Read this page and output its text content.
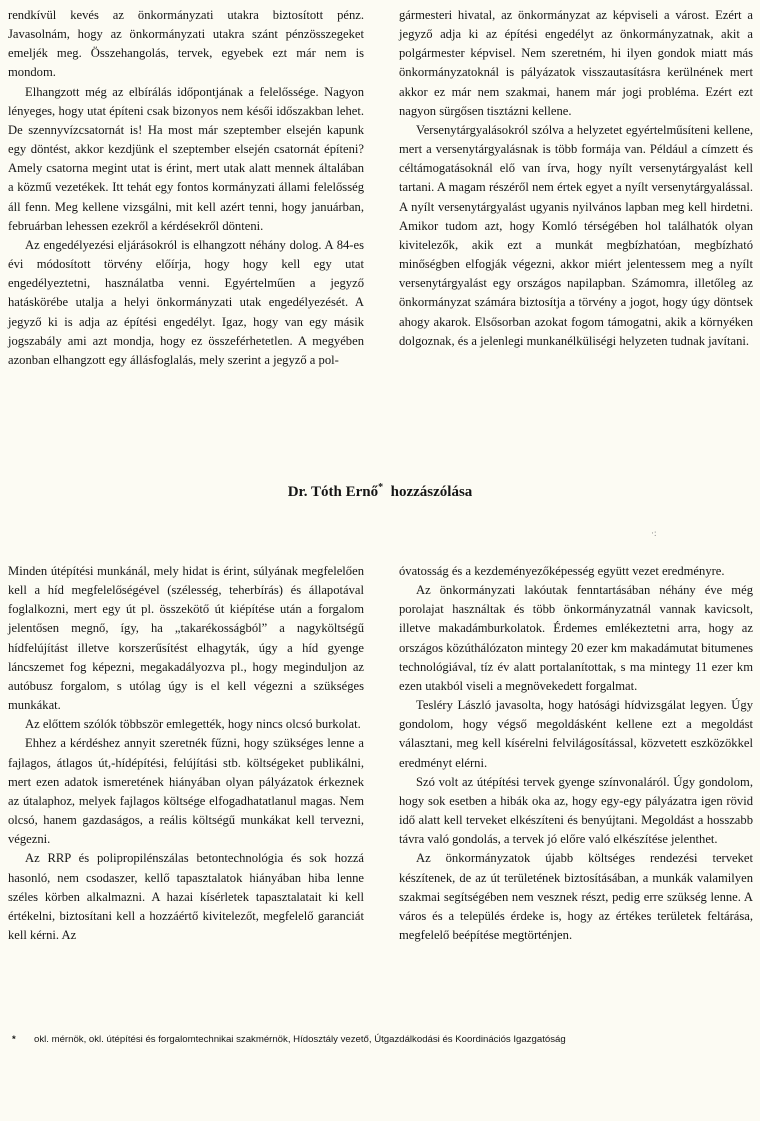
rendkívül kevés az önkormányzati utakra biztosított pénz. Javasolnám, hogy az önkormányzati utakra szánt pénzösszegeket emeljék meg. Összehangolás, tervek, egyebek ezt már nem is mondom.

Elhangzott még az elbírálás időpontjának a felelőssége. Nagyon lényeges, hogy utat építeni csak bizonyos nem késői időszakban lehet. De szennyvízcsatornát is! Ha most már szeptember elsején kapunk egy döntést, akkor kezdjünk el szeptember elsején csatornát építeni? Amely csatorna megint utat is érint, mert utak alatt mennek általában a közmű vezetékek. Itt tehát egy fontos kormányzati állami felelősség áll fenn. Meg kellene vizsgálni, mit kell azért tenni, hogy januárban, februárban lehessen ezekről a kérdésekről dönteni.

Az engedélyezési eljárásokról is elhangzott néhány dolog. A 84-es évi módosított törvény előírja, hogy hogy kell egy utat engedélyeztetni, használatba venni. Egyértelműen a jegyző hatáskörébe utalja a helyi önkormányzati utak engedélyezését. A jegyző ki is adja az építési engedélyt. Igaz, hogy van egy másik jogszabály ami azt mondja, hogy ez összeférhetetlen. A megyében azonban elhangzott egy állásfoglalás, mely szerint a jegyző a pol-

gármesteri hivatal, az önkormányzat az képviseli a várost. Ezért a jegyző adja ki az építési engedélyt az önkormányzatnak, akit a polgármester képvisel. Nem szeretném, hi ilyen gondok miatt más önkormányzatoknál is pályázatok visszautasításra kerülnének mert akkor ez már nem szakmai, hanem már jogi probléma. Ezért ezt nagyon sürgősen tisztázni kellene.

Versenytárgyalásokról szólva a helyzetet egyértelműsíteni kellene, mert a versenytárgyalásnak is több formája van. Például a címzett és céltámogatásoknál elő van írva, hogy nyílt versenytárgyalást kell tartani. A magam részéről nem értek egyet a nyílt versenytárgyalással. A nyílt versenytárgyalást ugyanis nyilvános lapban meg kell hirdetni. Amikor tudom azt, hogy Komló térségében hol találhatók olyan kivitelezők, akik ezt a munkát megbízhatóan, megbízható minőségben elfogják végezni, akkor miért jelentessem meg a nyílt versenytárgyalást egy országos napilapban. Számomra, illetőleg az önkormányzat számára biztosítja a törvény a jogot, hogy úgy döntsek ahogy akarok. Elsősorban azokat fogom támogatni, akik a környéken dolgoznak, és a jelenlegi munkanélküliségi helyzeten tudnak javítani.

Dr. Tóth Ernő* hozzászólása
·:

Minden útépítési munkánál, mely hidat is érint, súlyának megfelelően kell a híd megfelelőségével (szélesség, teherbírás) és állapotával foglalkozni, mert egy út pl. összekötő út kiépítése után a forgalom jelentősen megnő, így, ha „takarékosságból” a nagyköltségű hídfelújítást illetve korszerűsítést elhagyták, úgy a híd gyenge láncszemet fog képezni, megakadályozva pl., hogy meginduljon az autóbusz forgalom, s utólag úgy is el kell végezni a szükséges munkákat.

Az előttem szólók többször emlegették, hogy nincs olcsó burkolat.

Ehhez a kérdéshez annyit szeretnék fűzni, hogy szükséges lenne a fajlagos, átlagos út,-hídépítési, felújítási stb. költségeket publikálni, mert ezen adatok ismeretének hiányában olyan pályázatok érkeznek az útalaphoz, melyek fajlagos költsége elfogadhatatlanul magas. Nem olcsó, hanem gazdaságos, a reális költségű munkákat kell tervezni, végezni.

Az RRP és polipropilénszálas betontechnológia és sok hozzá hasonló, nem csodaszer, kellő tapasztalatok hiányában hiba lenne széles körben alkalmazni. A hazai kísérletek tapasztalatait ki kell értékelni, biztosítani kell a hozzáértő kivitelezőt, megfelelő garanciát kell kérni. Az

óvatosság és a kezdeményezőképesség együtt vezet eredményre.

Az önkormányzati lakóutak fenntartásában néhány éve még porolajat használtak és több önkormányzatnál vannak kavicsolt, illetve makadámburkolatok. Érdemes emlékeztetni arra, hogy az országos közúthálózaton mintegy 20 ezer km makadámutat bitumenes technológiával, tíz év alatt portalanítottak, s ma mintegy 11 ezer km ezen utakból viseli a megnövekedett forgalmat.

Tesléry László javasolta, hogy hatósági hídvizsgálat legyen. Úgy gondolom, hogy végső megoldásként kellene ezt a megoldást választani, meg kell kísérelni felvilágosítással, közvetett eszközökkel eredményt elérni.

Szó volt az útépítési tervek gyenge színvonaláról. Úgy gondolom, hogy sok esetben a hibák oka az, hogy egy-egy pályázatra igen rövid idő alatt kell terveket elkészíteni és benyújtani. Megoldást a hosszabb távra való gondolás, a tervek jó előre való elkészítése jelenthet.

Az önkormányzatok újabb költséges rendezési terveket készítenek, de az út területének biztosításában, a munkák valamilyen szakmai segítségében nem vesznek részt, pedig erre szükség lenne. A város és a település érdeke is, hogy az értékes területek feltárása, megfelelő beépítése megtörténjen.

* okl. mérnök, okl. útépítési és forgalomtechnikai szakmérnök, Hídosztály vezető, Útgazdálkodási és Koordinációs Igazgatóság
